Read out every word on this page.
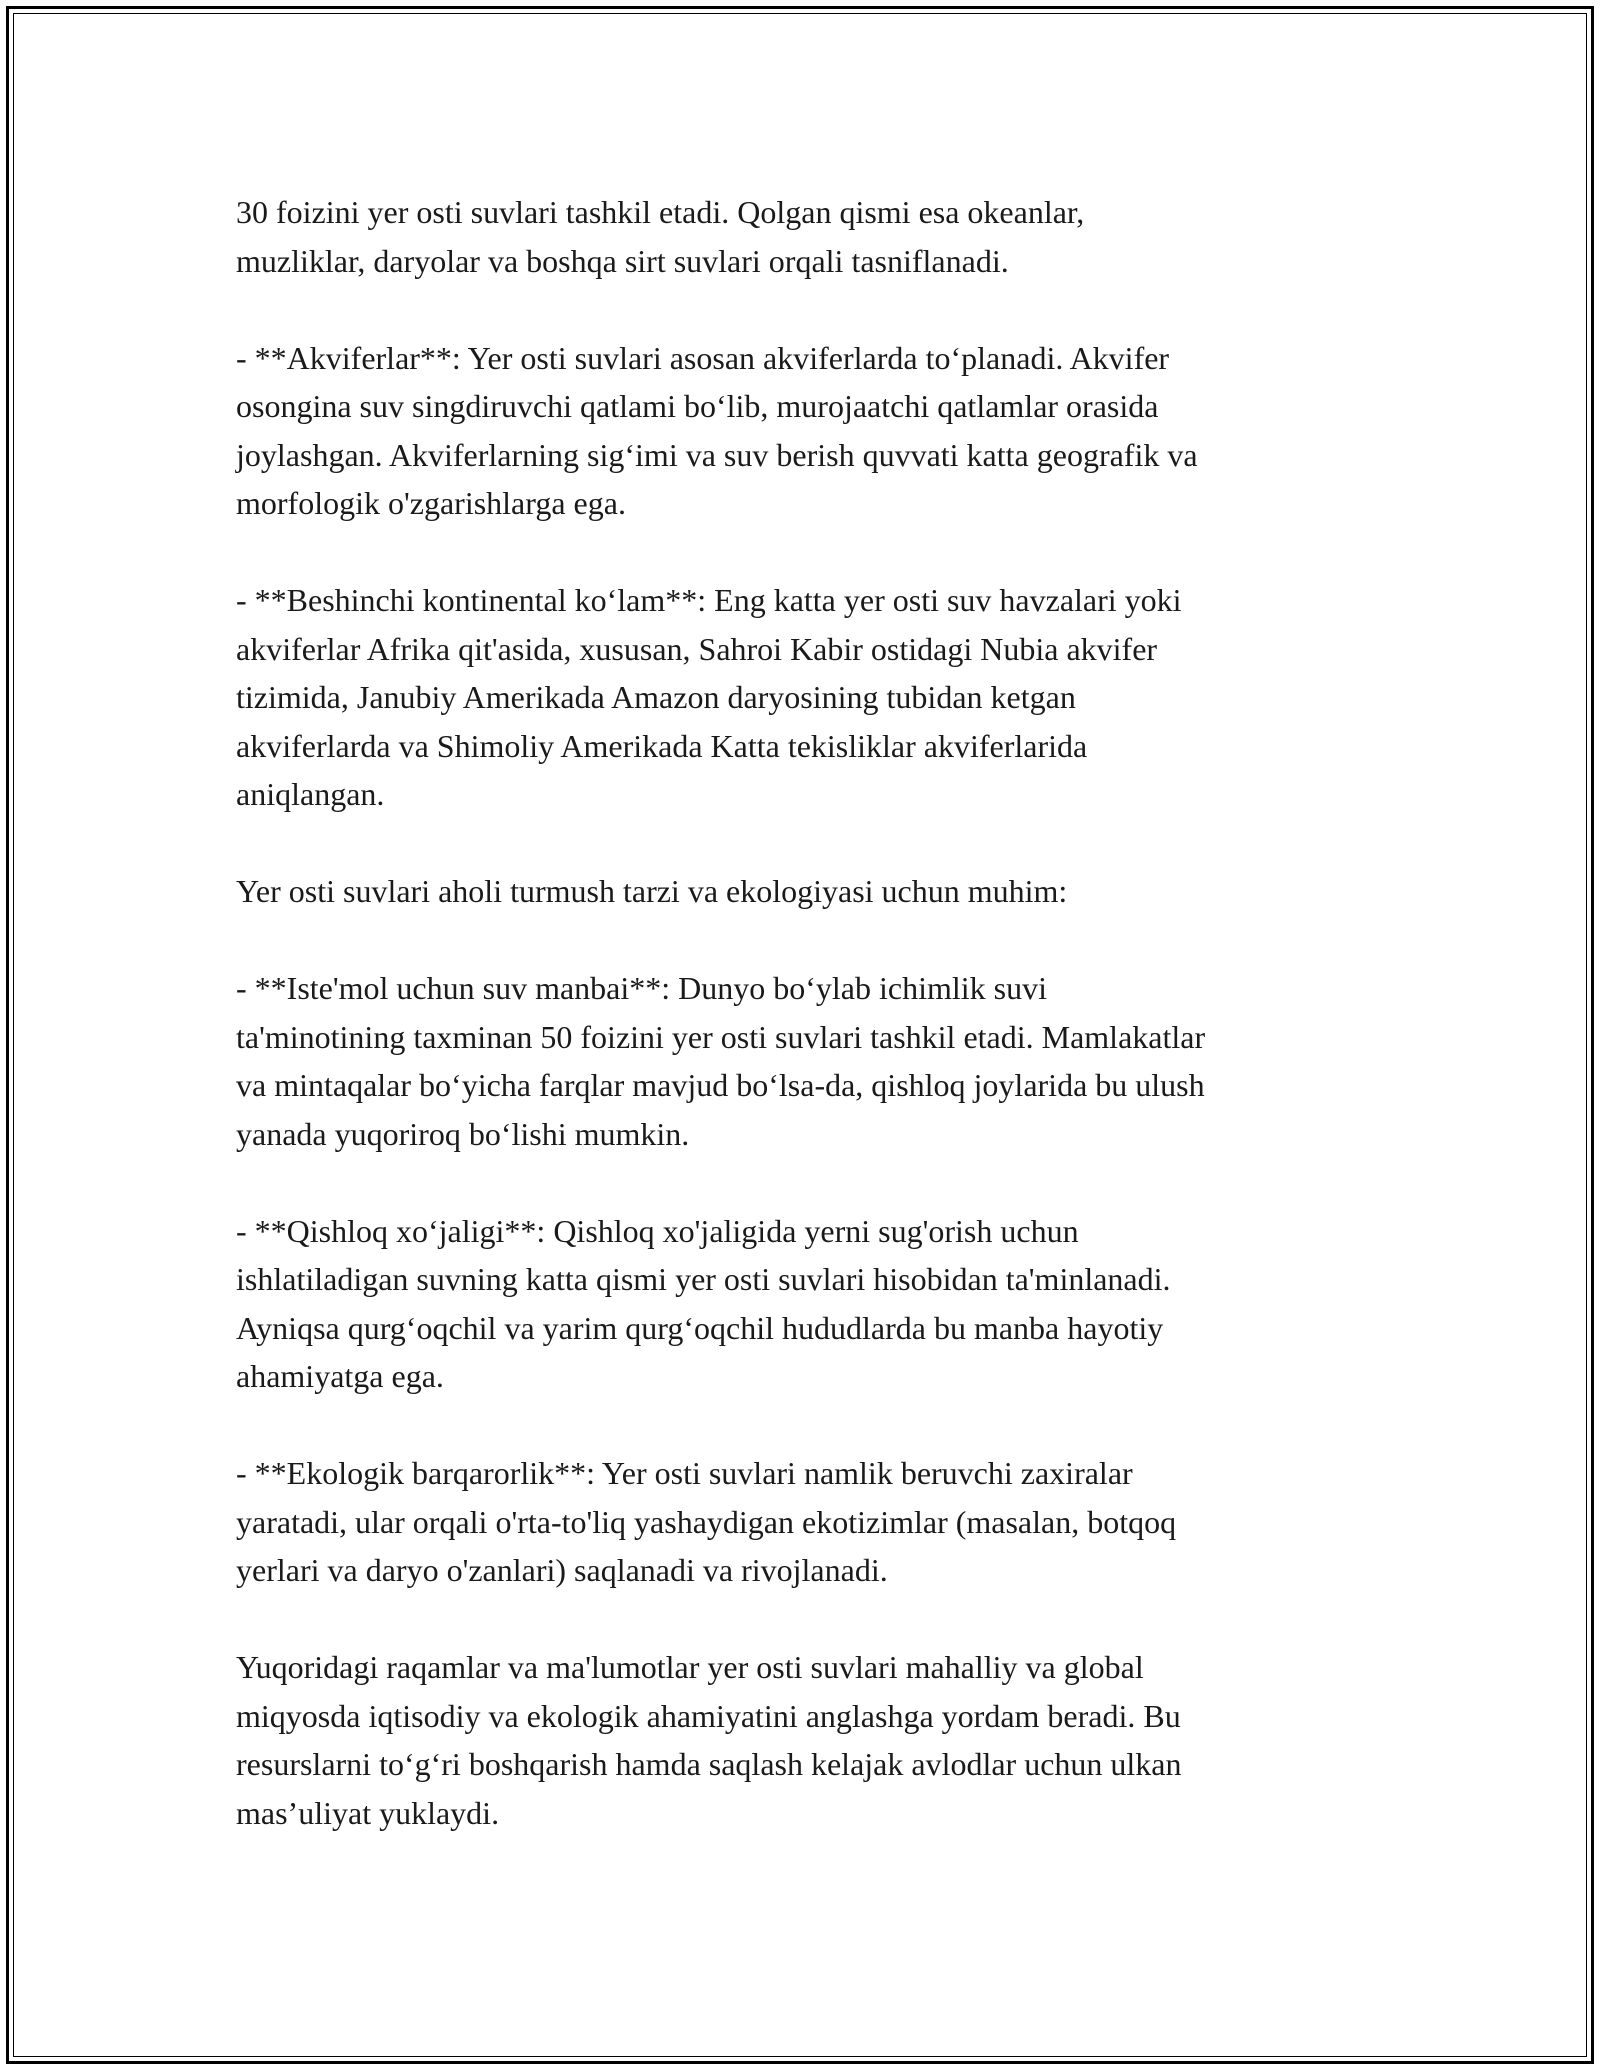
30 foizini yer osti suvlari tashkil etadi. Qolgan qismi esa okeanlar,
muzliklar, daryolar va boshqa sirt suvlari orqali tasniflanadi.

- **Akviferlar**: Yer osti suvlari asosan akviferlarda to‘planadi. Akvifer
osongina suv singdiruvchi qatlami bo‘lib, murojaatchi qatlamlar orasida
joylashgan. Akviferlarning sig‘imi va suv berish quvvati katta geografik va
morfologik o'zgarishlarga ega.

- **Beshinchi kontinental ko‘lam**: Eng katta yer osti suv havzalari yoki
akviferlar Afrika qit'asida, xususan, Sahroi Kabir ostidagi Nubia akvifer
tizimida, Janubiy Amerikada Amazon daryosining tubidan ketgan
akviferlarda va Shimoliy Amerikada Katta tekisliklar akviferlarida
aniqlangan.

Yer osti suvlari aholi turmush tarzi va ekologiyasi uchun muhim:

- **Iste'mol uchun suv manbai**: Dunyo bo‘ylab ichimlik suvi
ta'minotining taxminan 50 foizini yer osti suvlari tashkil etadi. Mamlakatlar
va mintaqalar bo‘yicha farqlar mavjud bo‘lsa-da, qishloq joylarida bu ulush
yanada yuqoriroq bo‘lishi mumkin.

- **Qishloq xo‘jaligi**: Qishloq xo'jaligida yerni sug'orish uchun
ishlatiladigan suvning katta qismi yer osti suvlari hisobidan ta'minlanadi.
Ayniqsa qurg‘oqchil va yarim qurg‘oqchil hududlarda bu manba hayotiy
ahamiyatga ega.

- **Ekologik barqarorlik**: Yer osti suvlari namlik beruvchi zaxiralar
yaratadi, ular orqali o'rta-to'liq yashaydigan ekotizimlar (masalan, botqoq
yerlari va daryo o'zanlari) saqlanadi va rivojlanadi.

Yuqoridagi raqamlar va ma'lumotlar yer osti suvlari mahalliy va global
miqyosda iqtisodiy va ekologik ahamiyatini anglashga yordam beradi. Bu
resurslarni to‘g‘ri boshqarish hamda saqlash kelajak avlodlar uchun ulkan
mas’uliyat yuklaydi.
